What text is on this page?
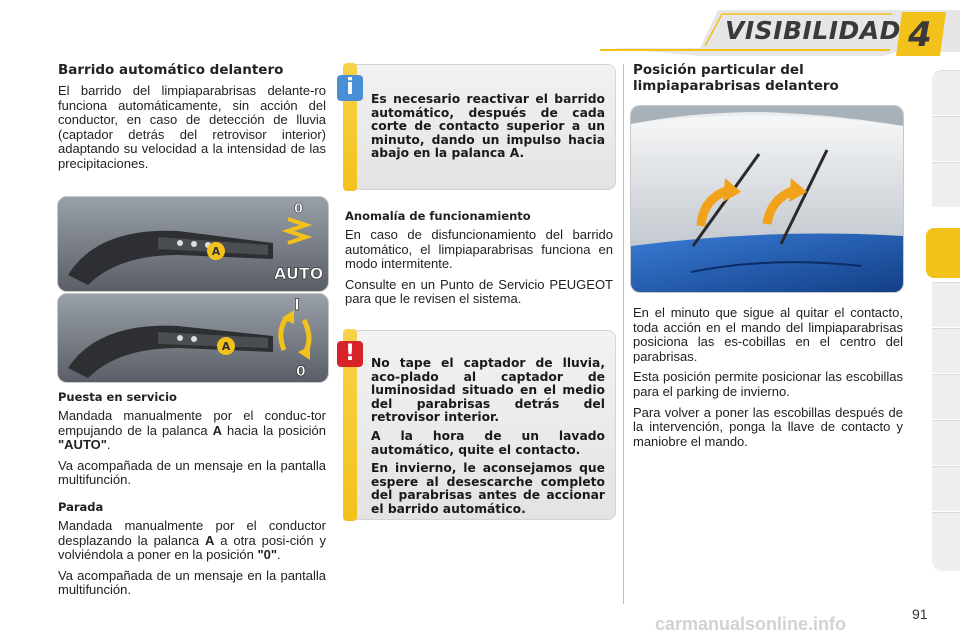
VISIBILIDAD 4
Barrido automático delantero

El barrido del limpiaparabrisas delante-ro funciona automáticamente, sin acción del conductor, en caso de detección de lluvia (captador detrás del retrovisor interior) adaptando su velocidad a la intensidad de las precipitaciones.

A
0
AUTO
A
I
0
Puesta en servicio

Mandada manualmente por el conduc-tor empujando de la palanca A hacia la posición "AUTO".

Va acompañada de un mensaje en la pantalla multifunción.

Parada

Mandada manualmente por el conductor desplazando la palanca A a otra posi-ción y volviéndola a poner en la posición "0".

Va acompañada de un mensaje en la pantalla multifunción.

i	Es necesario reactivar el barrido automático, después de cada corte de contacto superior a un minuto, dando un impulso hacia abajo en la palanca A.

Anomalía de funcionamiento

En caso de disfuncionamiento del barrido automático, el limpiaparabrisas funciona en modo intermitente.

Consulte en un Punto de Servicio PEUGEOT para que le revisen el sistema.

!	No tape el captador de lluvia, aco-plado al captador de luminosidad situado en el medio del parabrisas detrás del retrovisor interior.

A la hora de un lavado automático, quite el contacto.

En invierno, le aconsejamos que espere al desescarche completo del parabrisas antes de accionar el barrido automático.

Posición particular del limpiaparabrisas delantero

En el minuto que sigue al quitar el contacto, toda acción en el mando del limpiaparabrisas posiciona las es-cobillas en el centro del parabrisas.

Esta posición permite posicionar las escobillas para el parking de invierno.

Para volver a poner las escobillas después de la intervención, ponga la llave de contacto y maniobre el mando.

carmanualsonline.info	91
